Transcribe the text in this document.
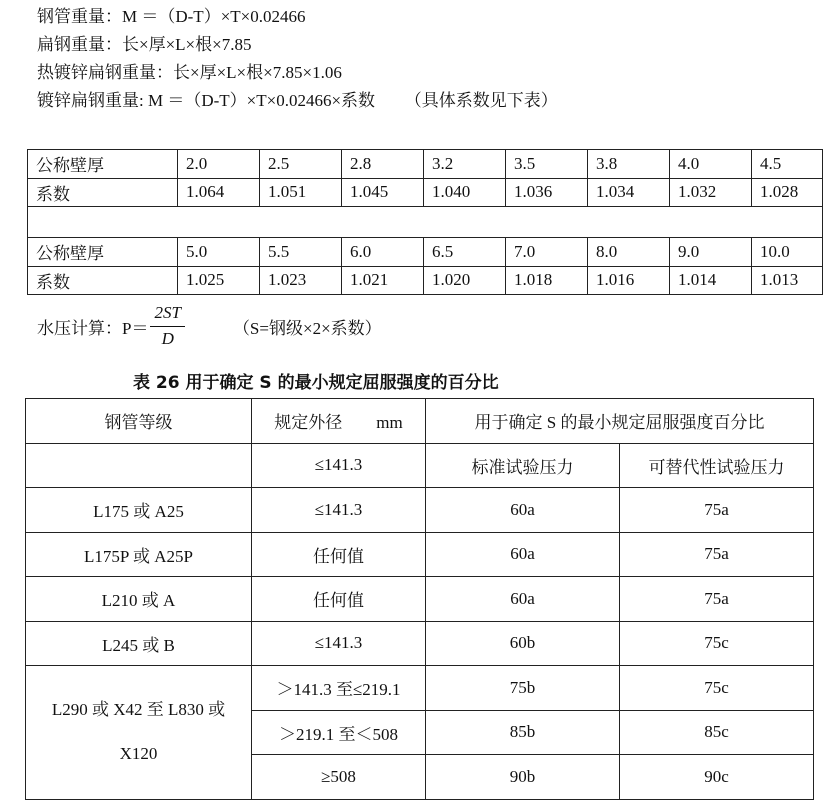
钢管重量：M ＝（D-T）×T×0.02466
扁钢重量：长×厚×L×根×7.85
热镀锌扁钢重量：长×厚×L×根×7.85×1.06
镀锌扁钢重量: M ＝（D-T）×T×0.02466×系数 　　（具体系数见下表）
公称壁厚	2.0	2.5	2.8	3.2	3.5	3.8	4.0	4.5
系数	1.064	1.051	1.045	1.040	1.036	1.034	1.032	1.028

公称壁厚	5.0	5.5	6.0	6.5	7.0	8.0	9.0	10.0
系数	1.025	1.023	1.021	1.020	1.018	1.016	1.014	1.013
水压计算：$P= \frac{2ST}{D}$	（S=钢级×2×系数）
表 26 用于确定 S 的最小规定屈服强度的百分比
钢管等级	规定外径　　mm	用于确定 S 的最小规定屈服强度百分比	
	≤141.3	标准试验压力	可替代性试验压力
L175 或 A25	≤141.3	60a	75a
L175P 或 A25P	任何值	60a	75a
L210 或 A	任何值	60a	75a
L245 或 B	≤141.3	60b	75c
L290 或 X42 至 L830 或 X120	＞141.3 至≤219.1	75b	75c
	＞219.1 至＜508	85b	85c
	≥508	90b	90c
